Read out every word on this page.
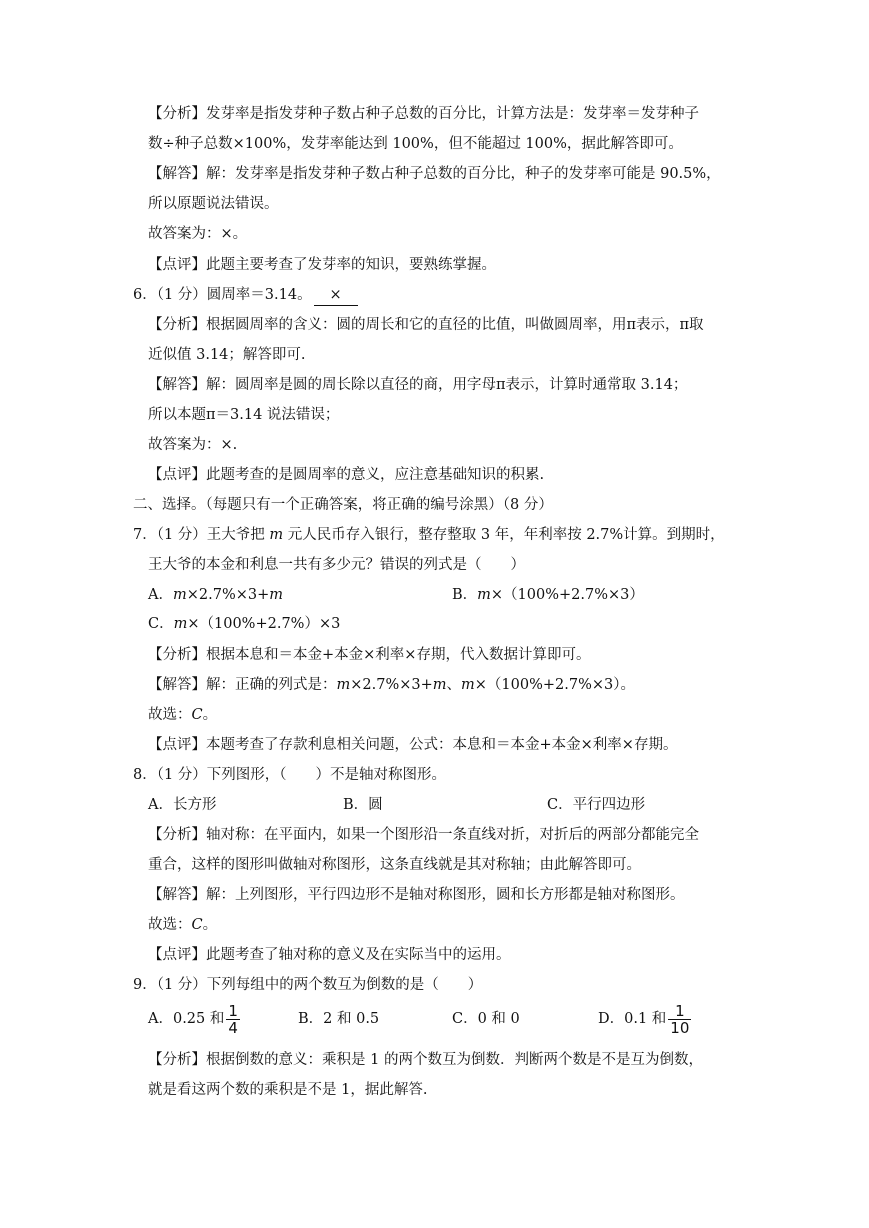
【分析】发芽率是指发芽种子数占种子总数的百分比，计算方法是：发芽率＝发芽种子
数÷种子总数×100%，发芽率能达到 100%，但不能超过 100%，据此解答即可。
【解答】解：发芽率是指发芽种子数占种子总数的百分比，种子的发芽率可能是 90.5%，
所以原题说法错误。
故答案为：×。
【点评】此题主要考查了发芽率的知识，要熟练掌握。
6．（1 分）圆周率＝3.14。 ×
【分析】根据圆周率的含义：圆的周长和它的直径的比值，叫做圆周率，用π表示，π取
近似值 3.14；解答即可.
【解答】解：圆周率是圆的周长除以直径的商，用字母π表示，计算时通常取 3.14；
所以本题π＝3.14 说法错误；
故答案为：×.
【点评】此题考查的是圆周率的意义，应注意基础知识的积累.
二、选择。（每题只有一个正确答案，将正确的编号涂黑）（8 分）
7．（1 分）王大爷把 m 元人民币存入银行，整存整取 3 年，年利率按 2.7%计算。到期时，
王大爷的本金和利息一共有多少元？错误的列式是（　　）
A．m×2.7%×3+m	B．m×（100%+2.7%×3）
C．m×（100%+2.7%）×3
【分析】根据本息和＝本金+本金×利率×存期，代入数据计算即可。
【解答】解：正确的列式是：m×2.7%×3+m、m×（100%+2.7%×3）。
故选：C。
【点评】本题考查了存款利息相关问题，公式：本息和＝本金+本金×利率×存期。
8．（1 分）下列图形，（　　）不是轴对称图形。
A．长方形	B．圆	C．平行四边形
【分析】轴对称：在平面内，如果一个图形沿一条直线对折，对折后的两部分都能完全
重合，这样的图形叫做轴对称图形，这条直线就是其对称轴；由此解答即可。
【解答】解：上列图形，平行四边形不是轴对称图形，圆和长方形都是轴对称图形。
故选：C。
【点评】此题考查了轴对称的意义及在实际当中的运用。
9．（1 分）下列每组中的两个数互为倒数的是（　　）
A．0.25 和 $\frac{1}{4}$	B．2 和 0.5	C．0 和 0	D．0.1 和 $\frac{1}{10}$
【分析】根据倒数的意义：乘积是 1 的两个数互为倒数．判断两个数是不是互为倒数，
就是看这两个数的乘积是不是 1，据此解答.
